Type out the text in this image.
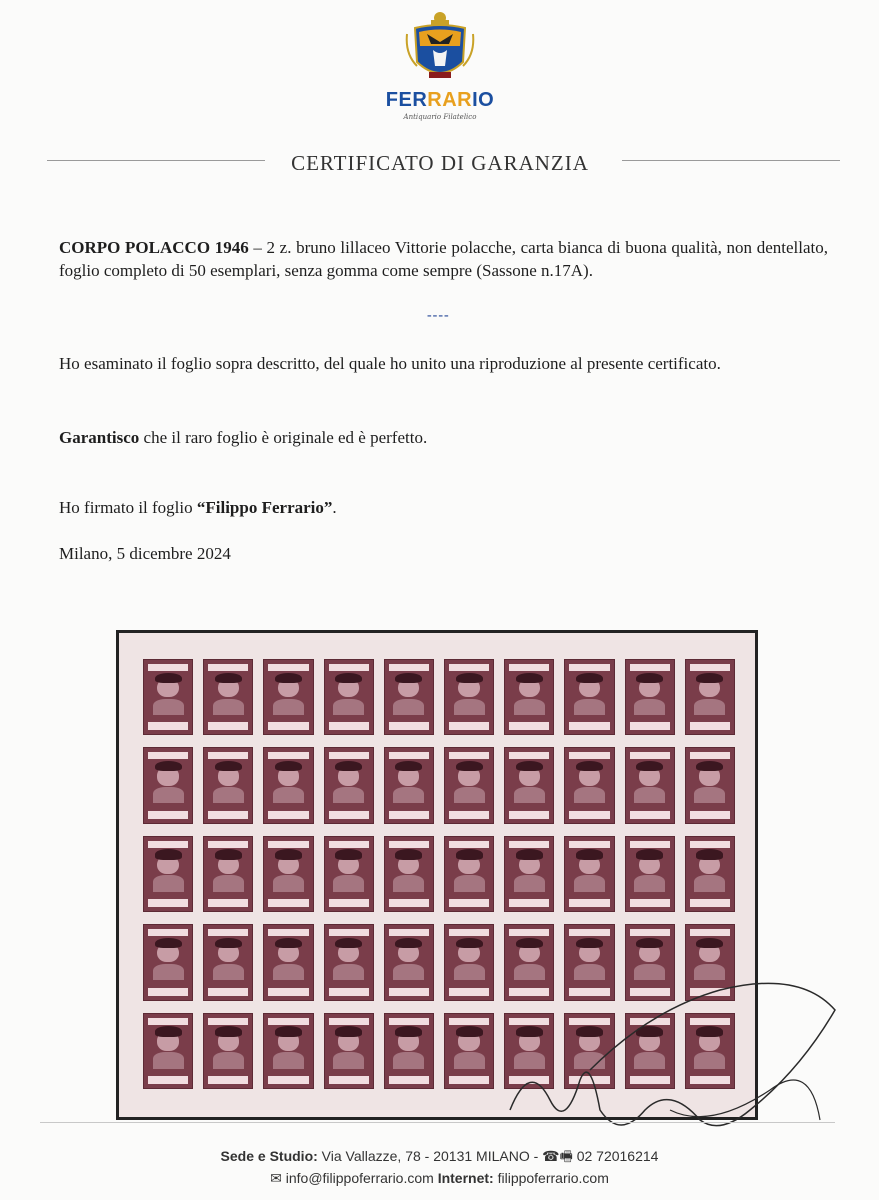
FERRARIO
Antiquario Filatelico
CERTIFICATO DI GARANZIA
CORPO POLACCO 1946 – 2 z. bruno lillaceo Vittorie polacche, carta bianca di buona qualità, non dentellato, foglio completo di 50 esemplari, senza gomma come sempre (Sassone n.17A).
----
Ho esaminato il foglio sopra descritto, del quale ho unito una riproduzione al presente certificato.
Garantisco che il raro foglio è originale ed è perfetto.
Ho firmato il foglio “Filippo Ferrario”.
Milano, 5 dicembre 2024
Sede e Studio: Via Vallazze, 78 - 20131 MILANO - ☎🖷 02 72016214
✉ info@filippoferrario.com Internet: filippoferrario.com
